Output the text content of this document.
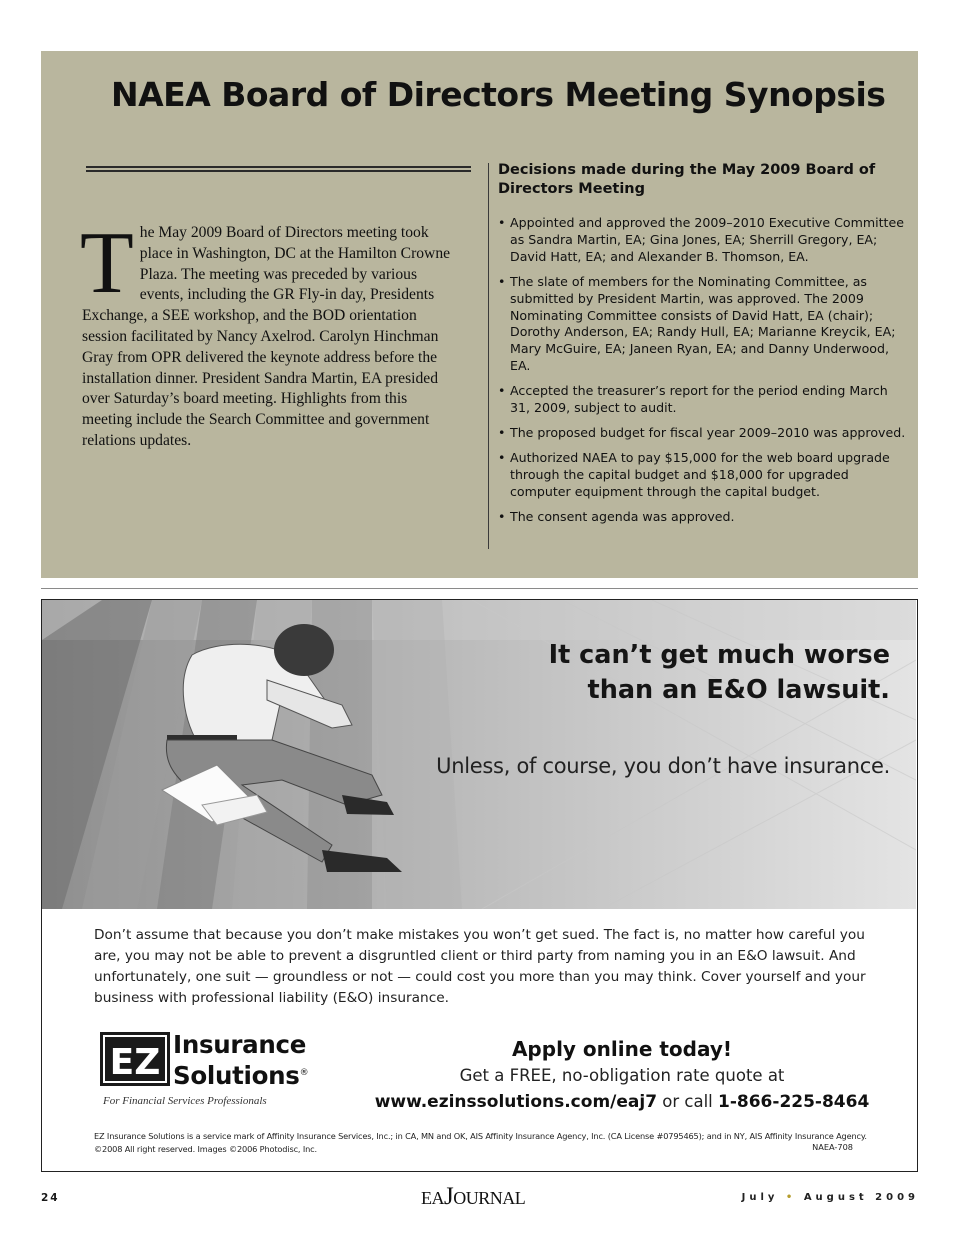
NAEA Board of Directors Meeting Synopsis
The May 2009 Board of Directors meeting took place in Washington, DC at the Hamilton Crowne Plaza. The meeting was preceded by various events, including the GR Fly-in day, Presidents Exchange, a SEE workshop, and the BOD orientation session facilitated by Nancy Axelrod. Carolyn Hinchman Gray from OPR delivered the keynote address before the installation dinner. President Sandra Martin, EA presided over Saturday’s board meeting. Highlights from this meeting include the Search Committee and government relations updates.
Decisions made during the May 2009 Board of Directors Meeting
• Appointed and approved the 2009–2010 Executive Committee as Sandra Martin, EA; Gina Jones, EA; Sherrill Gregory, EA; David Hatt, EA; and Alexander B. Thomson, EA.
• The slate of members for the Nominating Committee, as submitted by President Martin, was approved. The 2009 Nominating Committee consists of David Hatt, EA (chair); Dorothy Anderson, EA; Randy Hull, EA; Marianne Kreycik, EA; Mary McGuire, EA; Janeen Ryan, EA; and Danny Underwood, EA.
• Accepted the treasurer’s report for the period ending March 31, 2009, subject to audit.
• The proposed budget for fiscal year 2009–2010 was approved.
• Authorized NAEA to pay $15,000 for the web board upgrade through the capital budget and $18,000 for upgraded computer equipment through the capital budget.
• The consent agenda was approved.
It can’t get much worse
than an E&O lawsuit.
Unless, of course, you don’t have insurance.

Don’t assume that because you don’t make mistakes you won’t get sued. The fact is, no matter how careful you are, you may not be able to prevent a disgruntled client or third party from naming you in an E&O lawsuit. And unfortunately, one suit — groundless or not — could cost you more than you may think. Cover yourself and your business with professional liability (E&O) insurance.

EZ Insurance
Solutions®
For Financial Services Professionals
Apply online today!
Get a FREE, no-obligation rate quote at
www.ezinssolutions.com/eaj7 or call 1-866-225-8464
EZ Insurance Solutions is a service mark of Affinity Insurance Services, Inc.; in CA, MN and OK, AIS Affinity Insurance Agency, Inc. (CA License #0795465); and in NY, AIS Affinity Insurance Agency.
©2008 All right reserved. Images ©2006 Photodisc, Inc.	NAEA-708
24	EAJOURNAL	July • August 2009
